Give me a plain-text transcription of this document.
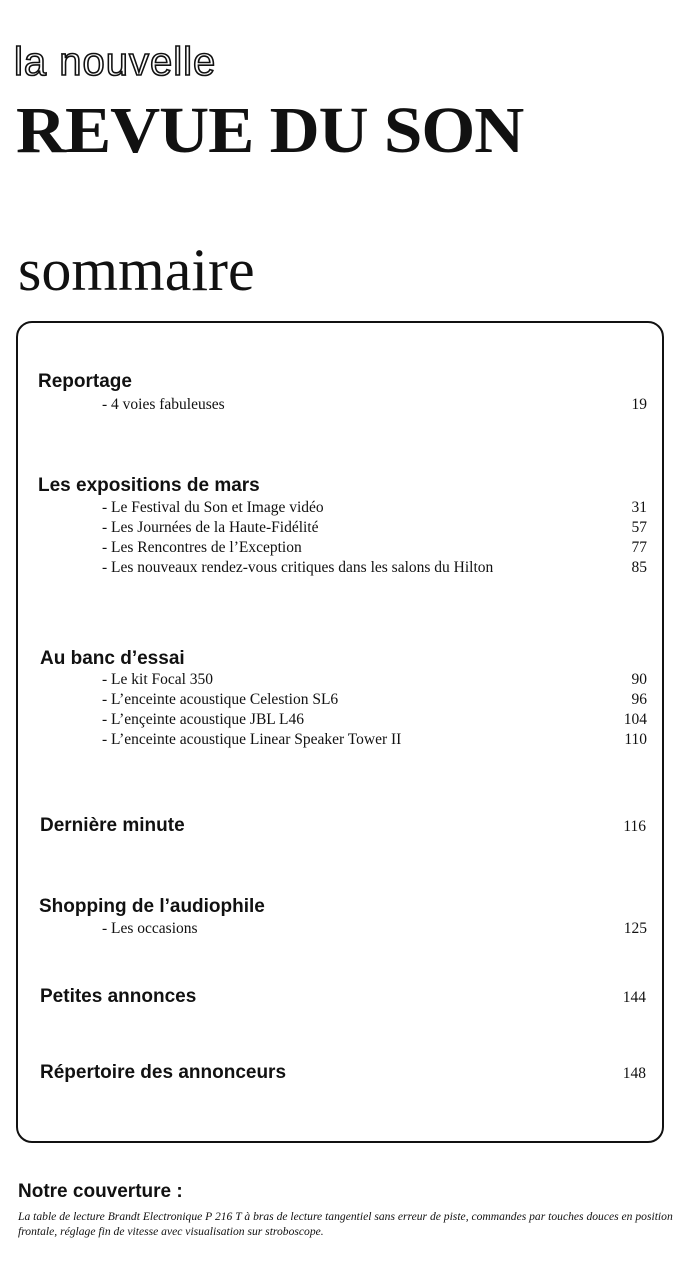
la nouvelle
REVUE DU SON
sommaire
Reportage
- 4 voies fabuleuses	19
Les expositions de mars
- Le Festival du Son et Image vidéo	31
- Les Journées de la Haute-Fidélité	57
- Les Rencontres de l’Exception	77
- Les nouveaux rendez-vous critiques dans les salons du Hilton	85
Au banc d’essai
- Le kit Focal 350	90
- L’enceinte acoustique Celestion SL6	96
- L’ençeinte acoustique JBL L46	104
- L’enceinte acoustique Linear Speaker Tower II	110
Dernière minute	116
Shopping de l’audiophile
- Les occasions	125
Petites annonces	144
Répertoire des annonceurs	148
Notre couverture :
La table de lecture Brandt Electronique P 216 T à bras de lecture tangentiel sans erreur de piste, commandes par touches douces en position frontale, réglage fin de vitesse avec visualisation sur stroboscope.
